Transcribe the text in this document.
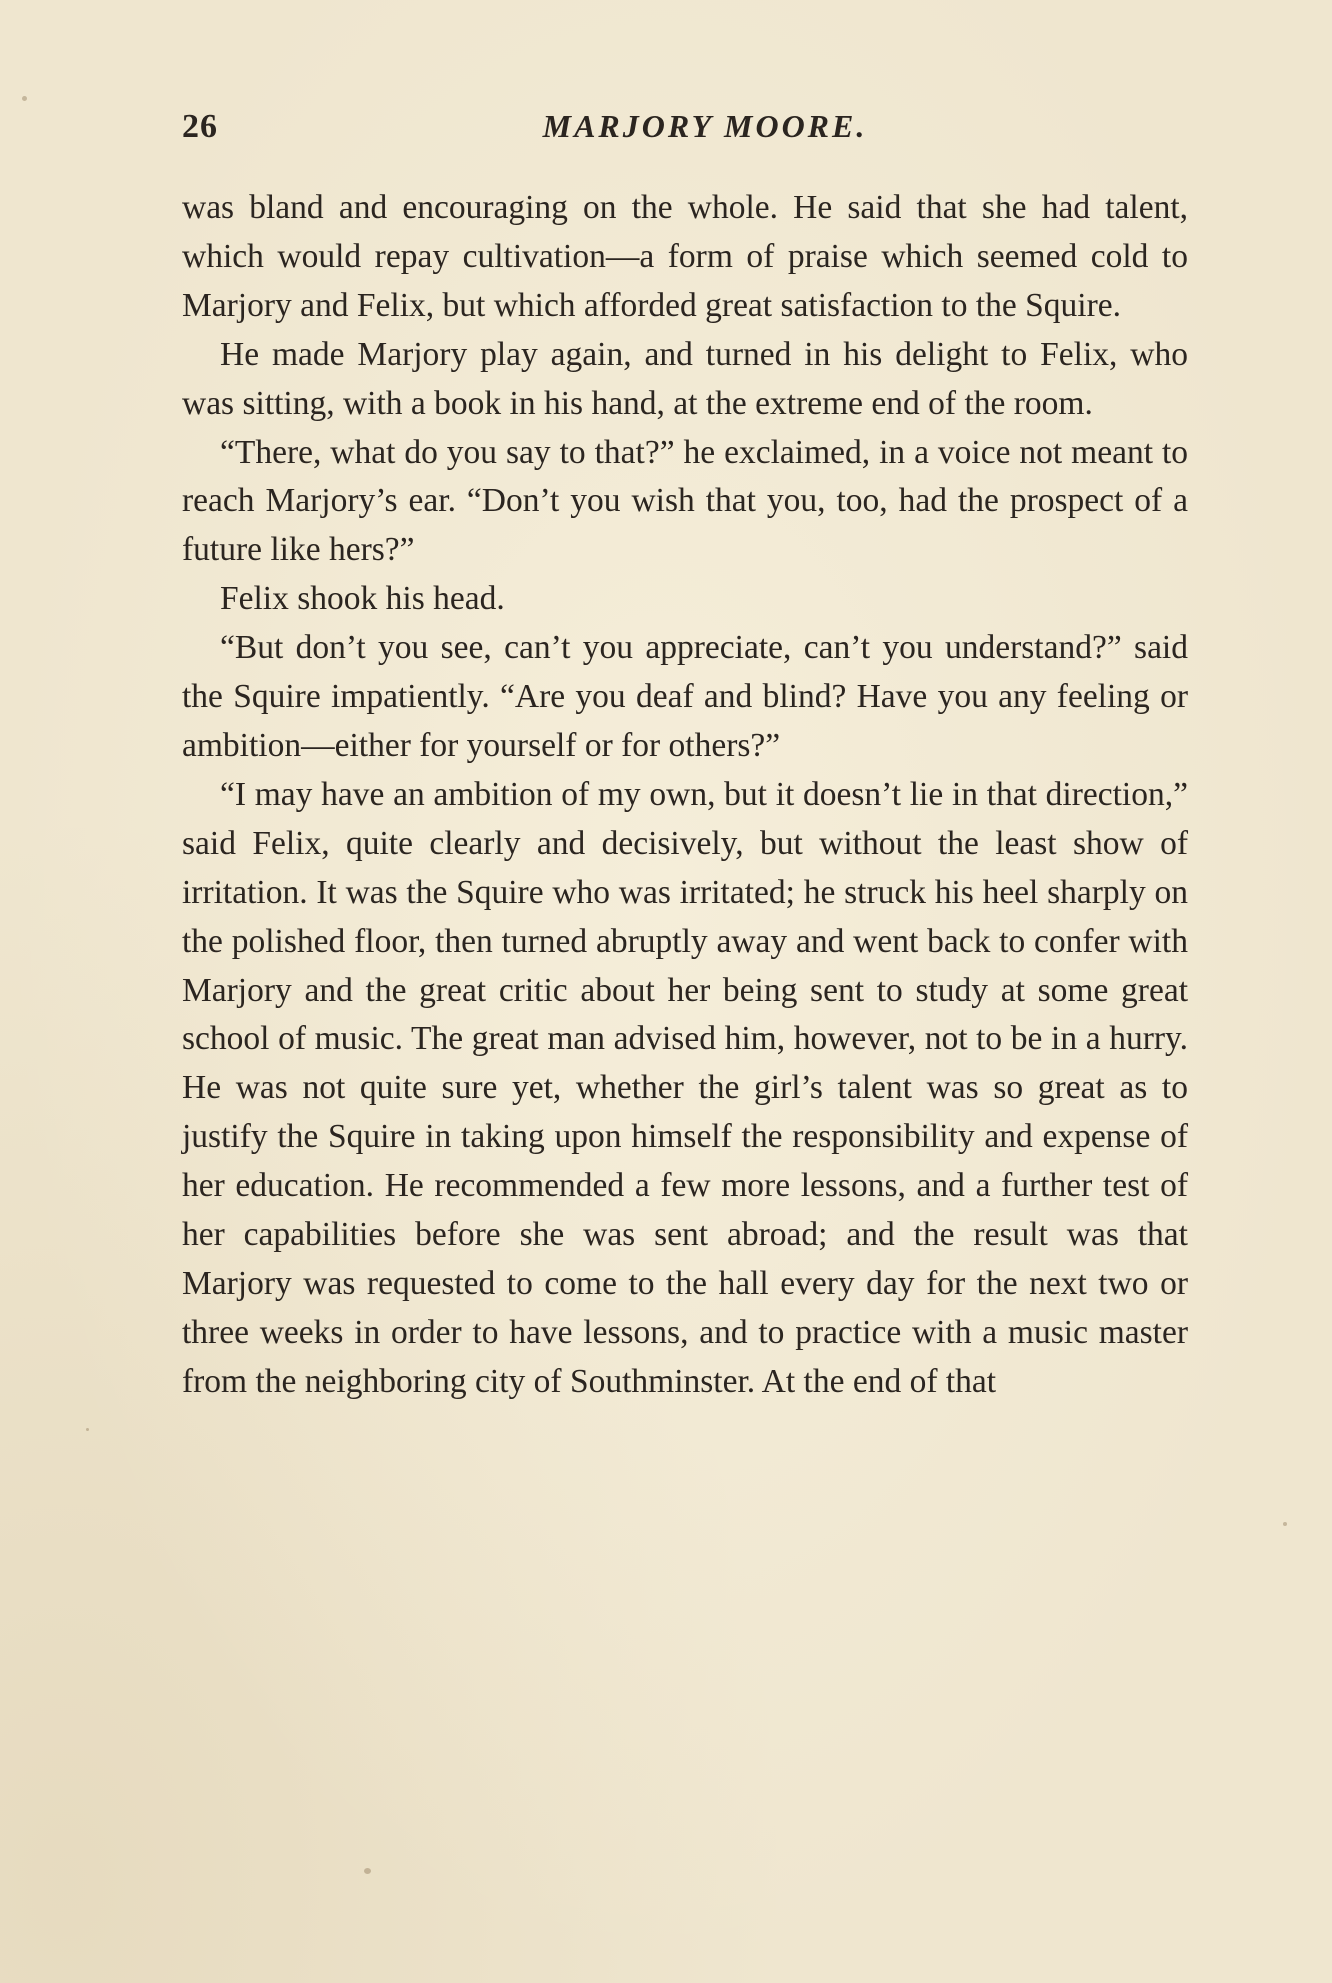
26	MARJORY MOORE.

was bland and encouraging on the whole. He said that she had talent, which would repay cultivation—a form of praise which seemed cold to Marjory and Felix, but which afforded great satisfaction to the Squire.

He made Marjory play again, and turned in his delight to Felix, who was sitting, with a book in his hand, at the extreme end of the room.

“There, what do you say to that?” he exclaimed, in a voice not meant to reach Marjory’s ear. “Don’t you wish that you, too, had the prospect of a future like hers?”

Felix shook his head.

“But don’t you see, can’t you appreciate, can’t you understand?” said the Squire impatiently. “Are you deaf and blind? Have you any feeling or ambition—either for yourself or for others?”

“I may have an ambition of my own, but it doesn’t lie in that direction,” said Felix, quite clearly and decisively, but without the least show of irritation. It was the Squire who was irritated; he struck his heel sharply on the polished floor, then turned abruptly away and went back to confer with Marjory and the great critic about her being sent to study at some great school of music. The great man advised him, however, not to be in a hurry. He was not quite sure yet, whether the girl’s talent was so great as to justify the Squire in taking upon himself the responsibility and expense of her education. He recommended a few more lessons, and a further test of her capabilities before she was sent abroad; and the result was that Marjory was requested to come to the hall every day for the next two or three weeks in order to have lessons, and to practice with a music master from the neighboring city of Southminster. At the end of that
